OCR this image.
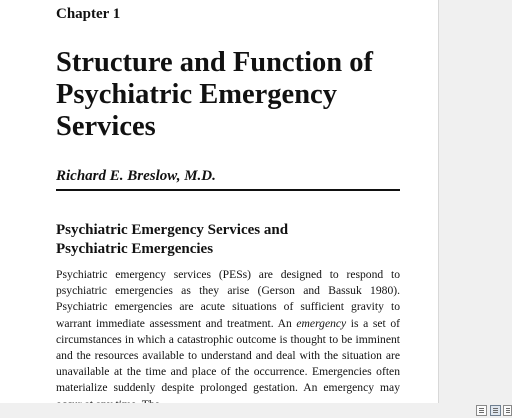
Chapter 1
Structure and Function of Psychiatric Emergency Services
Richard E. Breslow, M.D.
Psychiatric Emergency Services and Psychiatric Emergencies

Psychiatric emergency services (PESs) are designed to respond to psychiatric emergencies as they arise (Gerson and Bassuk 1980). Psychiatric emergencies are acute situations of sufficient gravity to warrant immediate assessment and treatment. An emergency is a set of circumstances in which a catastrophic outcome is thought to be imminent and the resources available to understand and deal with the situation are unavailable at the time and place of the occurrence. Emergencies often materialize suddenly despite prolonged gestation. An emergency may
